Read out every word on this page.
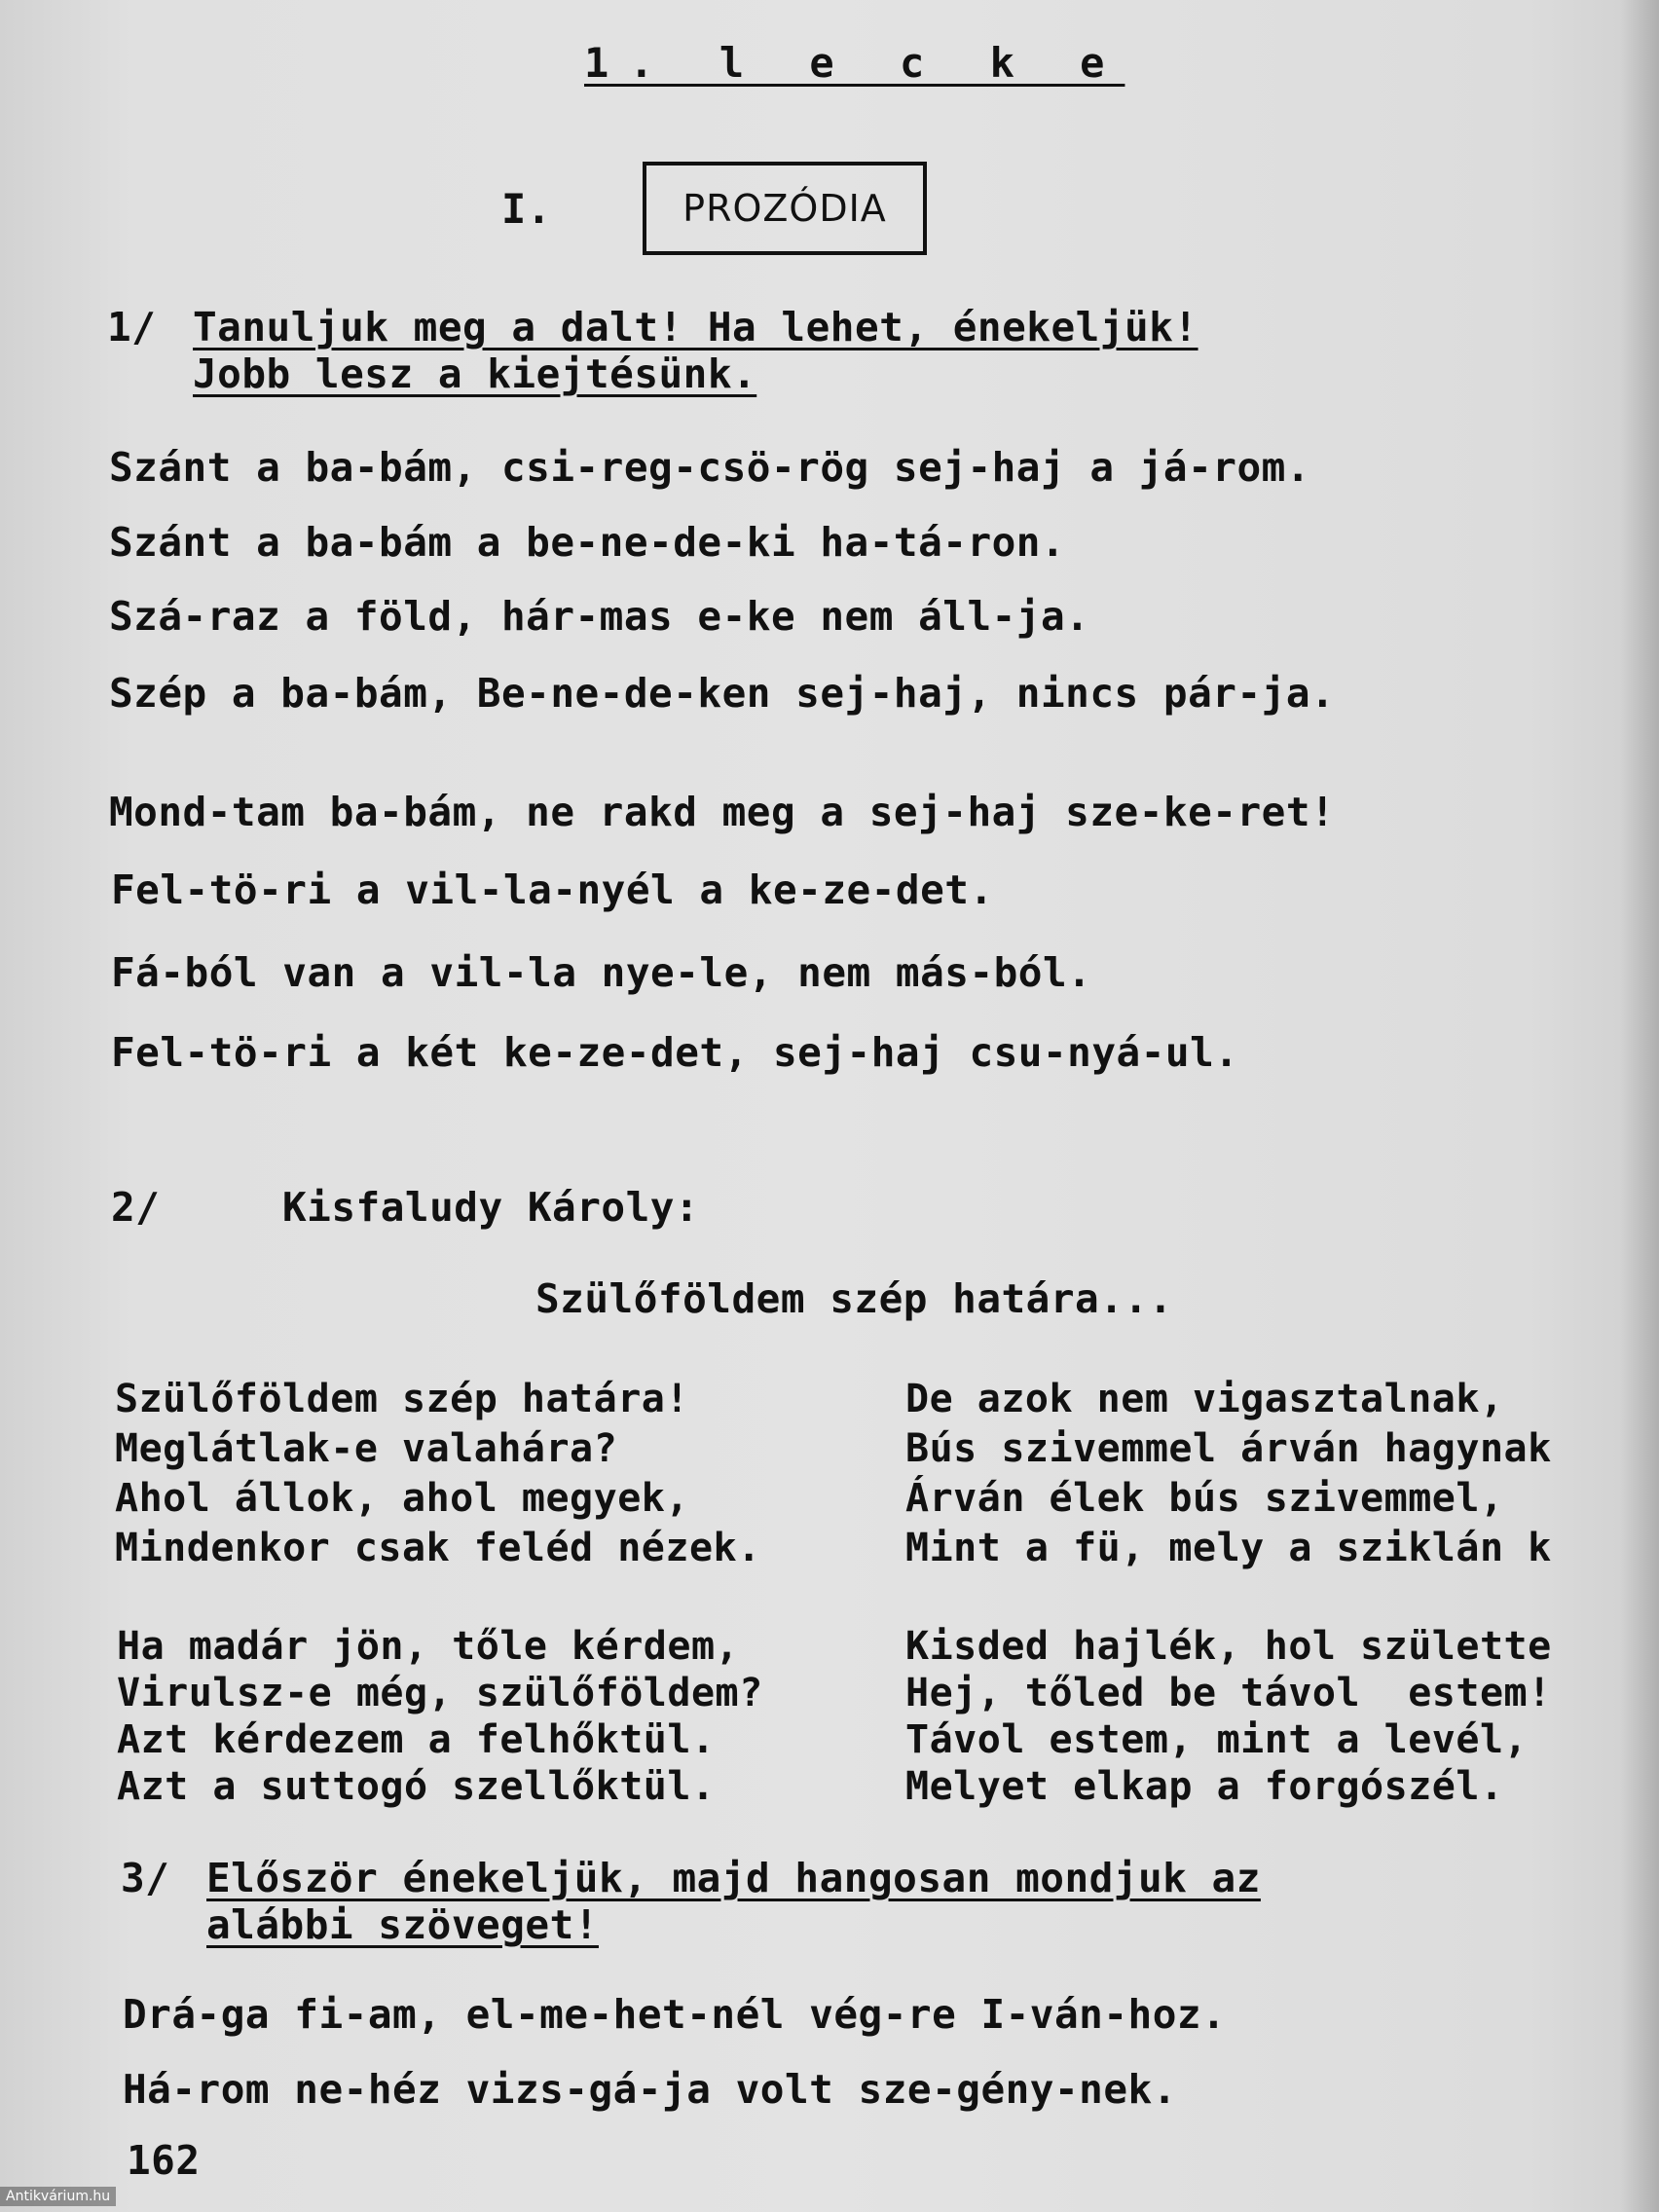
1. l e c k e
I.	PROZÓDIA
1/ Tanuljuk meg a dalt! Ha lehet, énekeljük!
Jobb lesz a kiejtésünk.
Szánt a ba-bám, csi-reg-csö-rög sej-haj a já-rom.
Szánt a ba-bám a be-ne-de-ki ha-tá-ron.
Szá-raz a föld, hár-mas e-ke nem áll-ja.
Szép a ba-bám, Be-ne-de-ken sej-haj, nincs pár-ja.
Mond-tam ba-bám, ne rakd meg a sej-haj sze-ke-ret!
Fel-tö-ri a vil-la-nyél a ke-ze-det.
Fá-ból van a vil-la nye-le, nem más-ból.
Fel-tö-ri a két ke-ze-det, sej-haj csu-nyá-ul.
2/	Kisfaludy Károly:
Szülőföldem szép határa...
Szülőföldem szép határa!
Meglátlak-e valahára?
Ahol állok, ahol megyek,
Mindenkor csak feléd nézek.
Ha madár jön, tőle kérdem,
Virulsz-e még, szülőföldem?
Azt kérdezem a felhőktül.
Azt a suttogó szellőktül.
De azok nem vigasztalnak,
Bús szivemmel árván hagynak
Árván élek bús szivemmel,
Mint a fü, mely a sziklán k
Kisded hajlék, hol születte
Hej, tőled be távol  estem!
Távol estem, mint a levél,
Melyet elkap a forgószél.
3/ Először énekeljük, majd hangosan mondjuk az
alábbi szöveget!
Drá-ga fi-am, el-me-het-nél vég-re I-ván-hoz.
Há-rom ne-héz vizs-gá-ja volt sze-gény-nek.
162
Antikvárium.hu
